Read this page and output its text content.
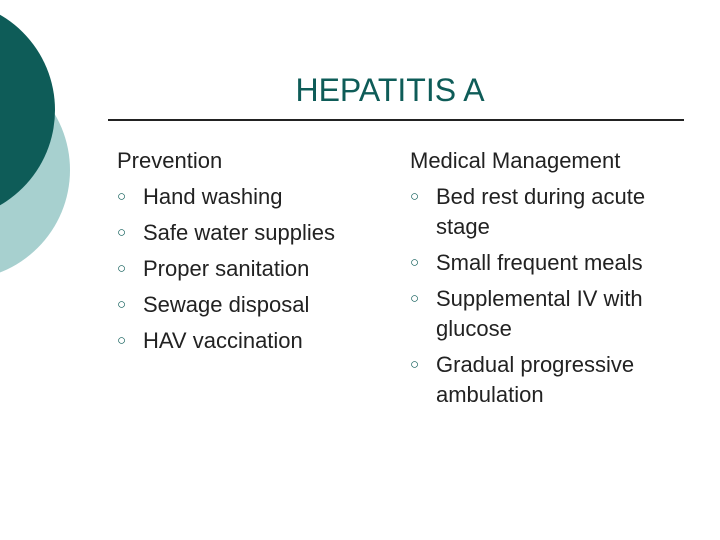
HEPATITIS A
Prevention
○ Hand washing
○ Safe water supplies
○ Proper sanitation
○ Sewage disposal
○ HAV vaccination
Medical Management
○ Bed rest during acute stage
○ Small frequent meals
○ Supplemental IV with glucose
○ Gradual progressive ambulation
